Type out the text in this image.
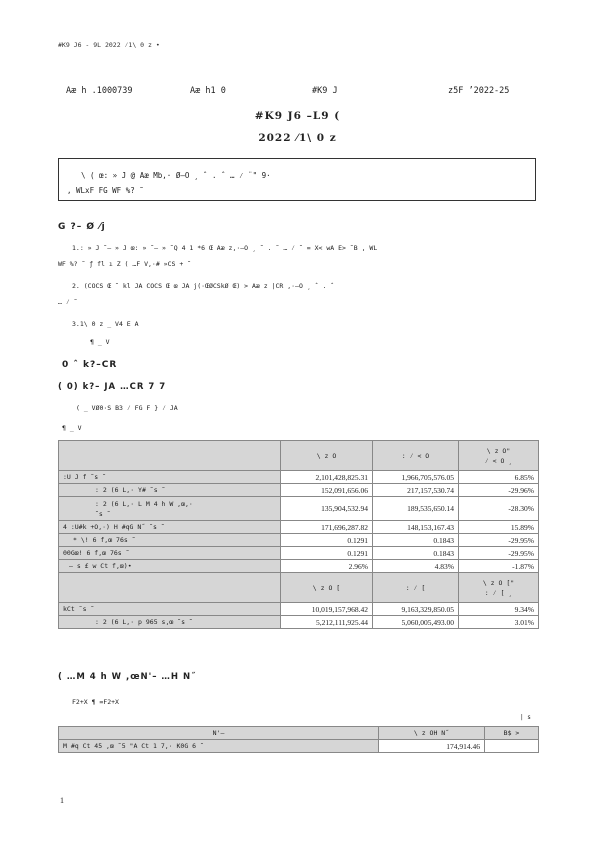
#K9 J6 - 9L 2022 ⁄1\ 0 z •
Aæ h .1000739	Aæ h1 0	#K9 J	z5F ’2022-25
#K9 J6 –L9 (
2022 ⁄1\ 0 z
\ ( œ: » J @ Aæ Mb,· Ø–O ¸ ˆ . ˆ … ⁄ ¨" 9·
, WLxF FG WF %? ˜
G ?– Ø ⁄j
1.: » J ˜– » J œ: » ˜– » ˜Q 4 1 *6 Œ Aæ z,·–O ¸ ˜ . ˜ … ⁄ ˜ = X< wA E> ˜B , WL
WF %? ˜ ƒ fl ı Z ( …F V,·# »CS + ˜
2. (COCS Œ ˜ kl JA COCS Œ œ JA j(·ŒØCSkØ Œ) > Aæ z |CR ,·–O ¸ ˆ . ˆ
… ⁄ ˜
3.1\ 0 z _ V4 E A
¶ _ V
0 ˆ k?–CR
( 0) k?– JA …CR 7 7
( _ VØ0·S B3 ⁄ FG F } ⁄ JA
¶ _ V
	\ z O	: ⁄ < O	\ z O"
⁄ < O ¸
:U J f ˜s ˜	2,101,428,825.31	1,966,705,576.05	6.85%
: 2 (6 L,· Y# ˜s ˜	152,091,656.06	217,157,530.74	-29.96%
: 2 (6 L,· L M 4 h W ,œ,·
˜s ˜	135,904,532.94	189,535,650.14	-28.30%
4 :U#k +O,·) H #qG N˝ ˜s ˜	171,696,287.82	148,153,167.43	15.89%
* \! 6 f,œ 76s ˜	0.1291	0.1843	-29.95%
00Gœ! 6 f,œ 76s ˜	0.1291	0.1843	-29.95%
– s £ w Ct f,œ)•	2.96%	4.83%	-1.87%
	\ z O [	: ⁄ [	\ z O ["
: ⁄ [ ¸
kCt ˜s ˜	10,019,157,968.42	9,163,329,850.05	9.34%
: 2 (6 L,· p 965 s,œ ˜s ˜	5,212,111,925.44	5,060,005,493.00	3.01%
( …M 4 h W ,œN'– …H N˝
F2+X ¶ =F2+X
| s
N'–	\ z OH N˝	B$ >
M #q Ct 45 ,œ ˜5 "A Ct 1 7,· K0G 6 ˜	174,914.46	
1
